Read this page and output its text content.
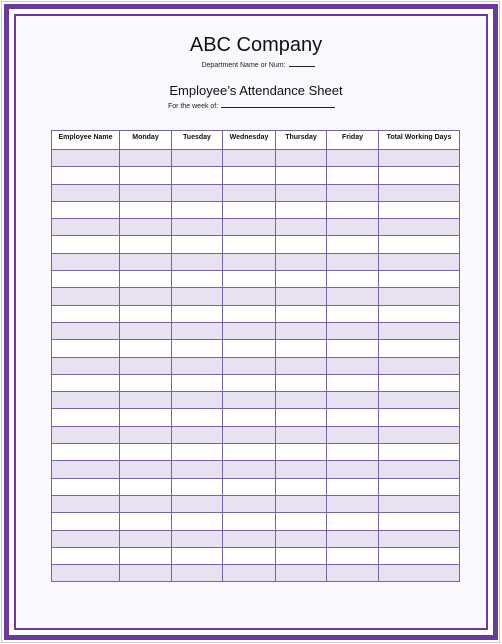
ABC Company
Department Name or Num:
Employee’s Attendance Sheet
For the week of:
Employee Name	Monday	Tuesday	Wednesday	Thursday	Friday	Total Working Days
